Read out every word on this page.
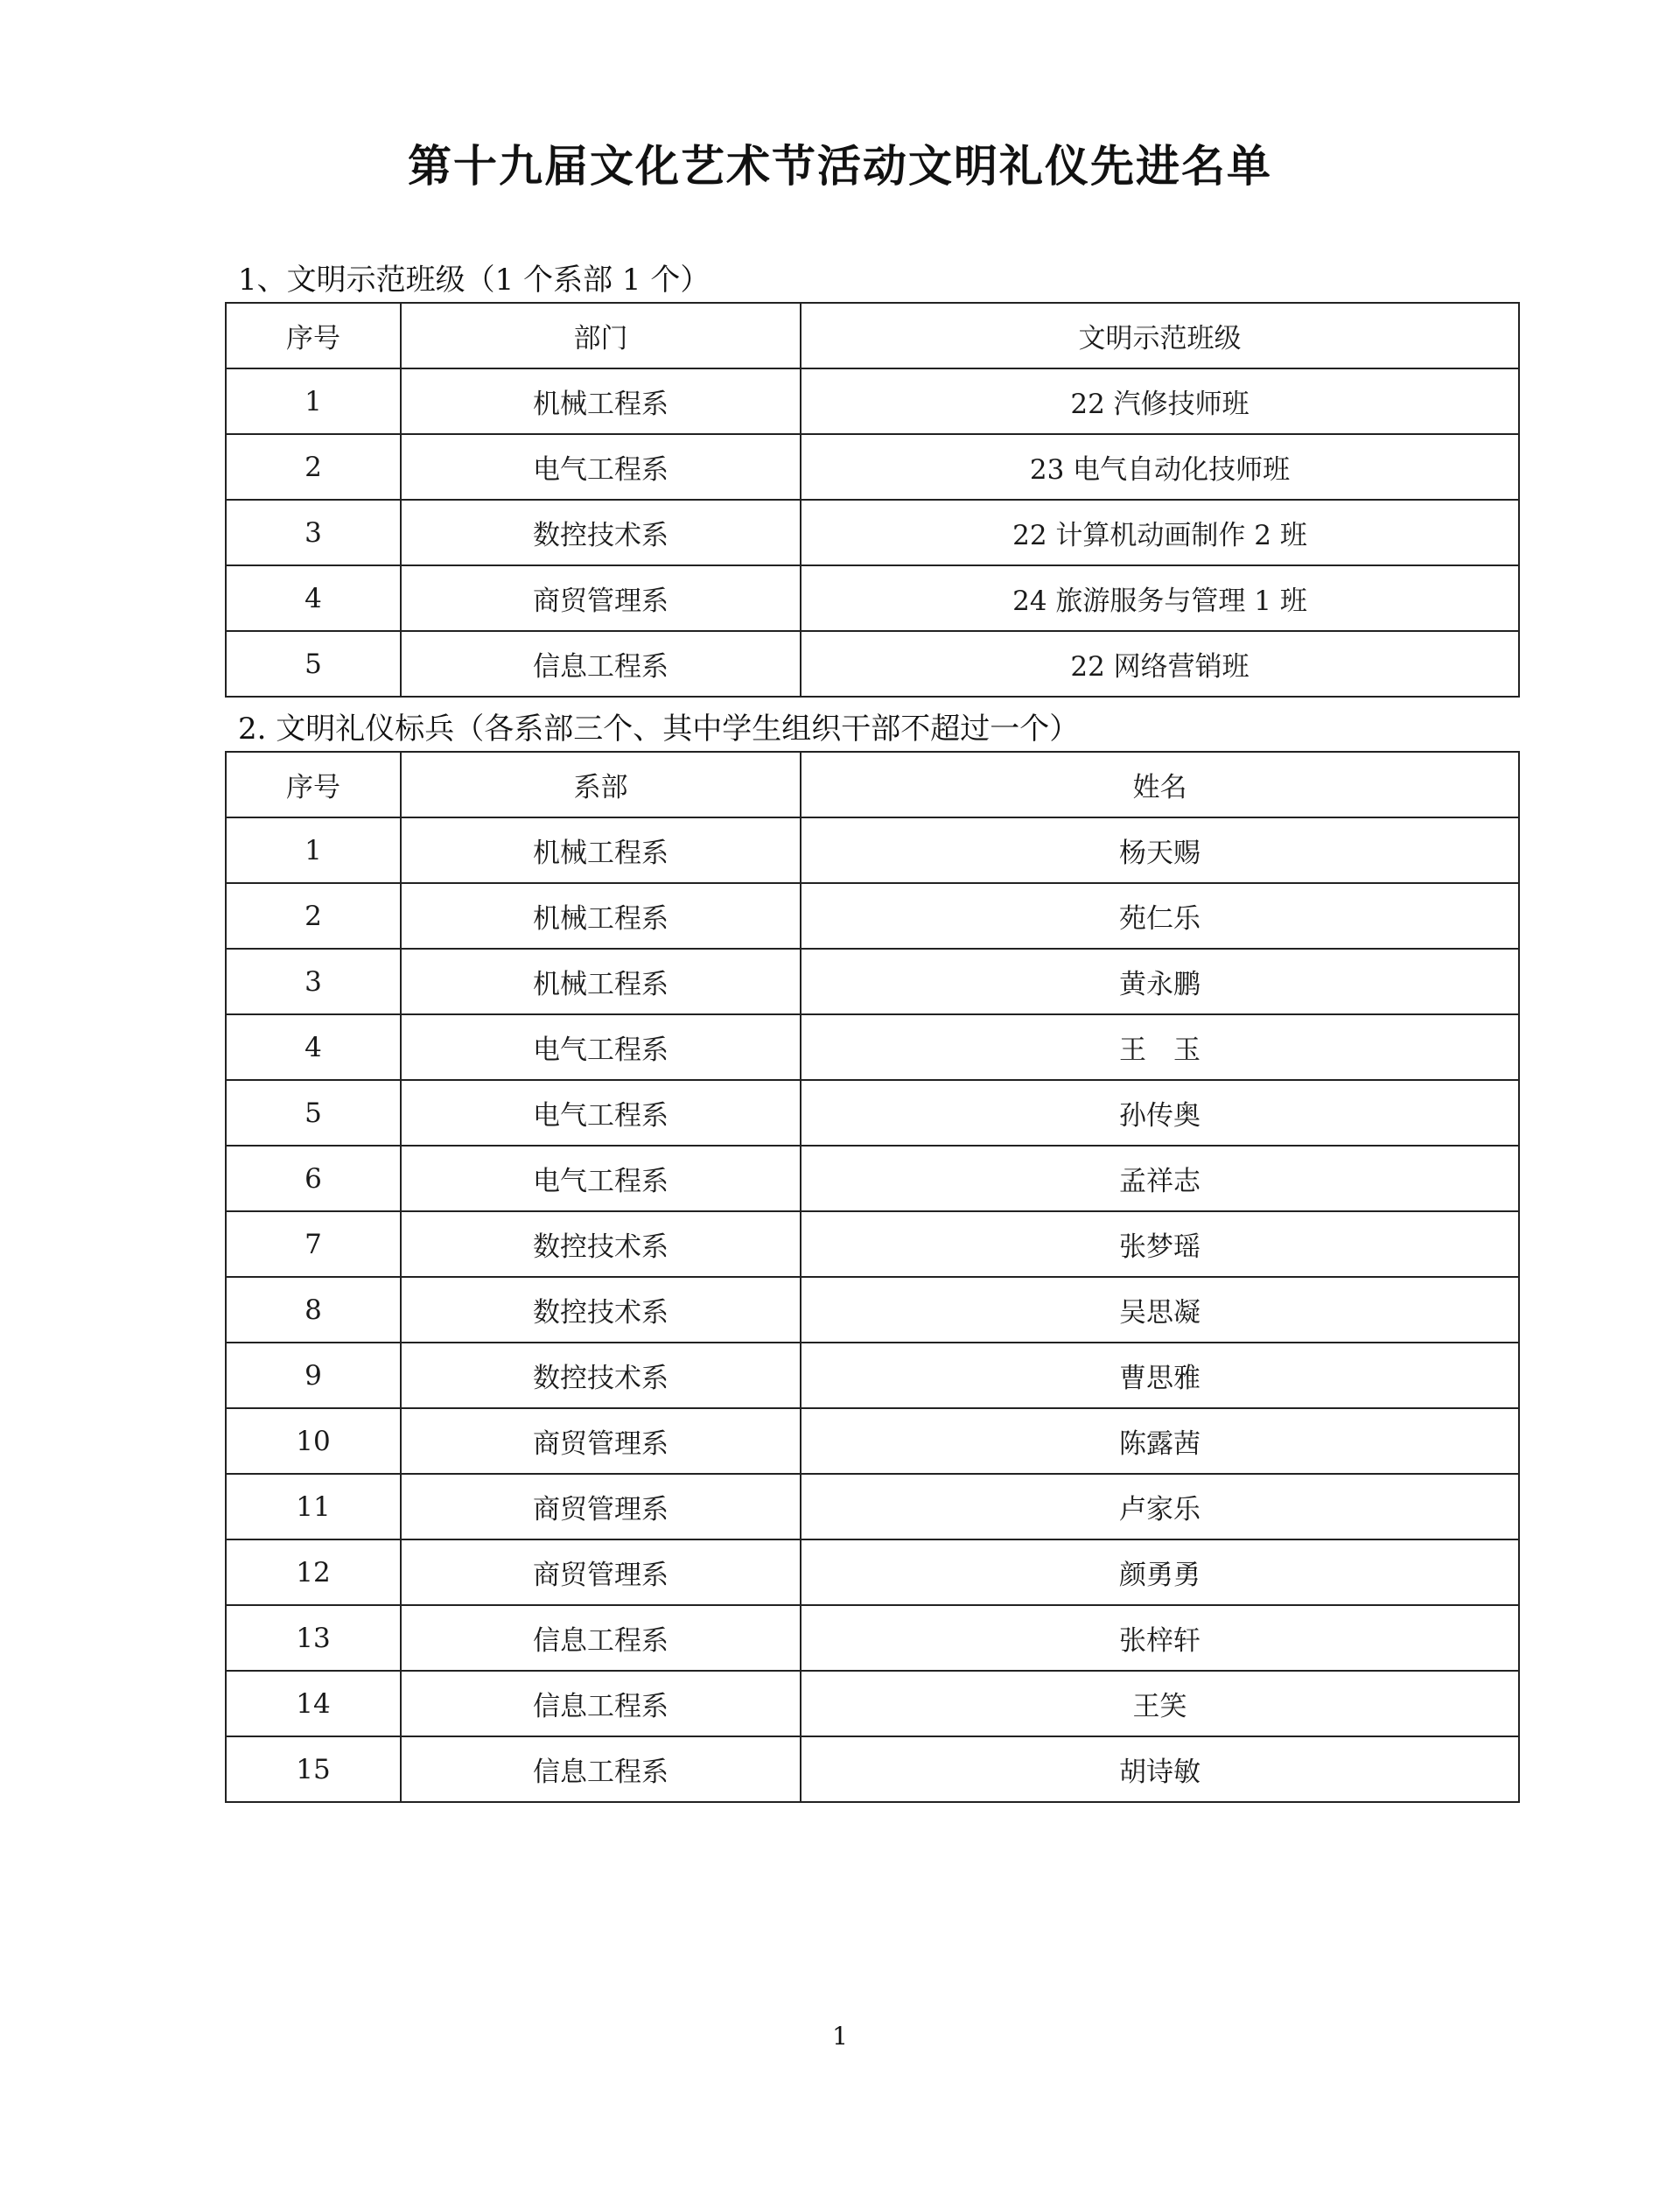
第十九届文化艺术节活动文明礼仪先进名单
1、文明示范班级（1 个系部 1 个）
序号	部门	文明示范班级
1	机械工程系	22 汽修技师班
2	电气工程系	23 电气自动化技师班
3	数控技术系	22 计算机动画制作 2 班
4	商贸管理系	24 旅游服务与管理 1 班
5	信息工程系	22 网络营销班
2. 文明礼仪标兵（各系部三个、其中学生组织干部不超过一个）
序号	系部	姓名
1	机械工程系	杨天赐
2	机械工程系	苑仁乐
3	机械工程系	黄永鹏
4	电气工程系	王　玉
5	电气工程系	孙传奥
6	电气工程系	孟祥志
7	数控技术系	张梦瑶
8	数控技术系	吴思凝
9	数控技术系	曹思雅
10	商贸管理系	陈露茜
11	商贸管理系	卢家乐
12	商贸管理系	颜勇勇
13	信息工程系	张梓轩
14	信息工程系	王笑
15	信息工程系	胡诗敏
1
